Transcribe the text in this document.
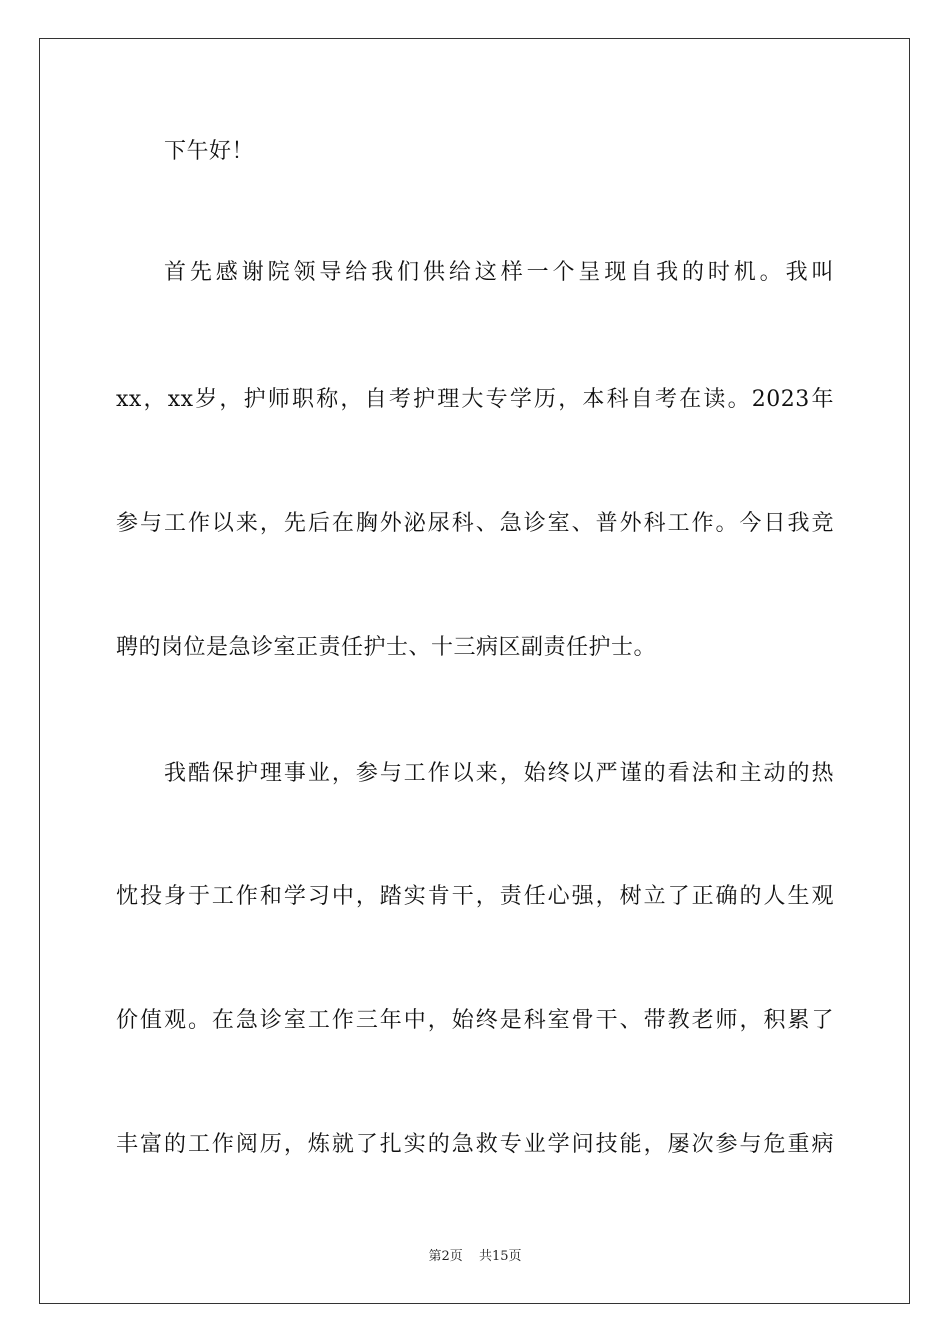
下午好！
首先感谢院领导给我们供给这样一个呈现自我的时机。我叫
xx，xx岁，护师职称，自考护理大专学历，本科自考在读。2023年
参与工作以来，先后在胸外泌尿科、急诊室、普外科工作。今日我竞
聘的岗位是急诊室正责任护士、十三病区副责任护士。
我酷保护理事业，参与工作以来，始终以严谨的看法和主动的热
忱投身于工作和学习中，踏实肯干，责任心强，树立了正确的人生观
价值观。在急诊室工作三年中，始终是科室骨干、带教老师，积累了
丰富的工作阅历，炼就了扎实的急救专业学问技能，屡次参与危重病
第2页 共15页
